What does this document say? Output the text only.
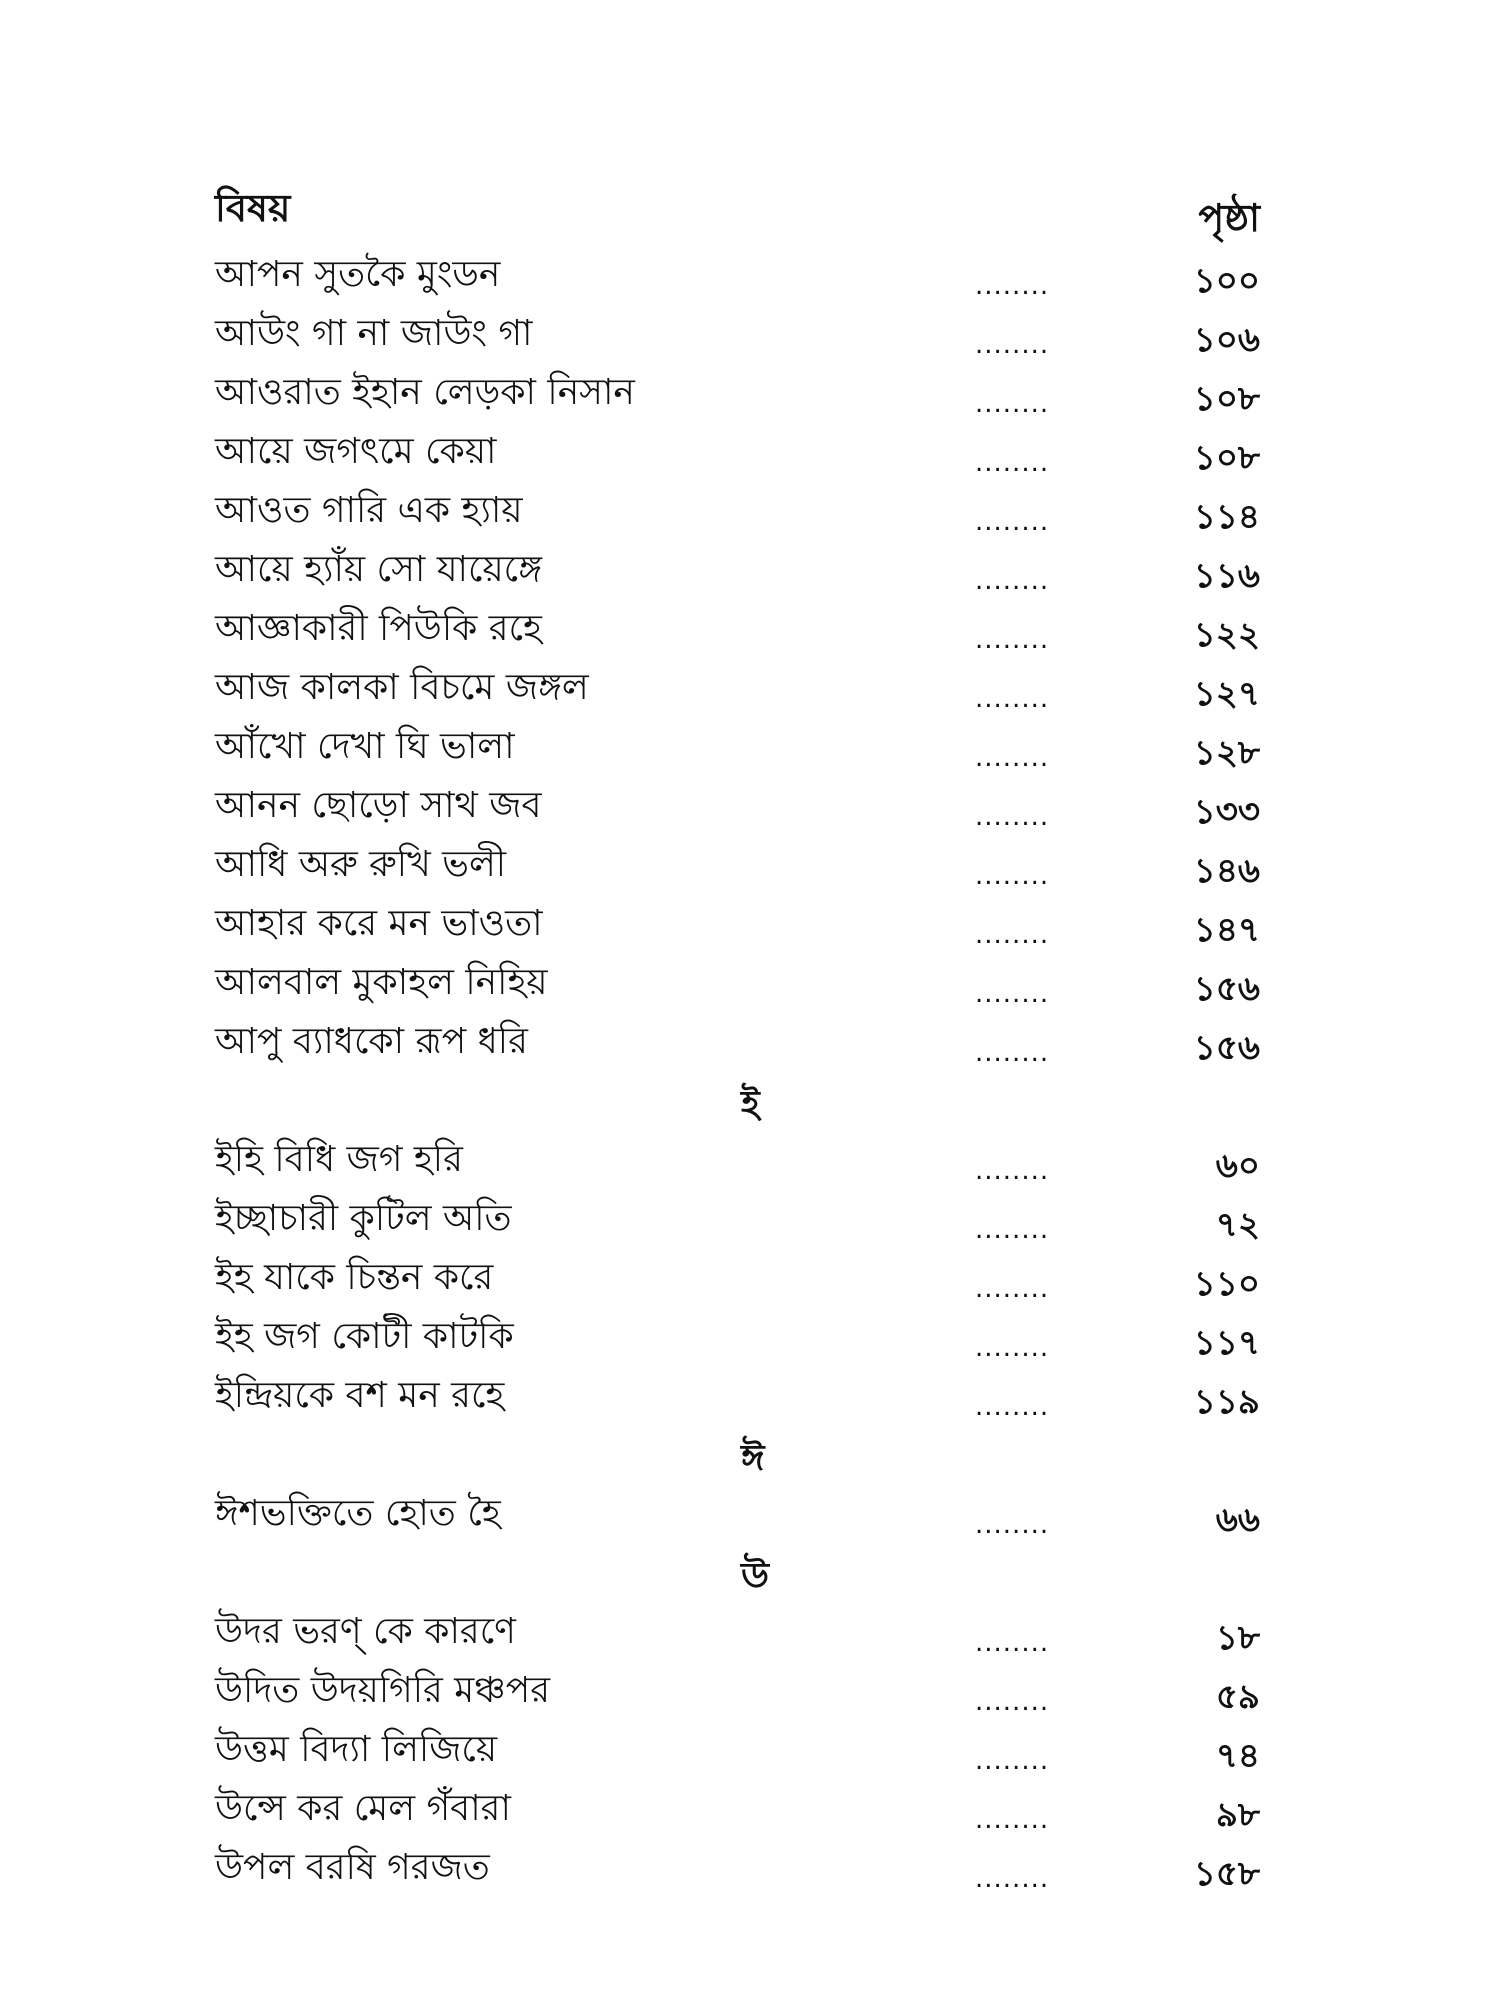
বিষয়	পৃষ্ঠা
আপন সুতকৈ মুংডন	........	১০০
আউং গা না জাউং গা	........	১০৬
আওরাত ইহান লেড়কা নিসান	........	১০৮
আয়ে জগৎমে কেয়া	........	১০৮
আওত গারি এক হ্যায়	........	১১৪
আয়ে হ্যাঁয় সো যায়েঙ্গে	........	১১৬
আজ্ঞাকারী পিউকি রহে	........	১২২
আজ কালকা বিচমে জঙ্গল	........	১২৭
আঁখো দেখা ঘি ভালা	........	১২৮
আনন ছোড়ো সাথ জব	........	১৩৩
আধি অরু রুখি ভলী	........	১৪৬
আহার করে মন ভাওতা	........	১৪৭
আলবাল মুকাহল নিহিয়	........	১৫৬
আপু ব্যাধকো রূপ ধরি	........	১৫৬
ই
ইহি বিধি জগ হরি	........	৬০
ইচ্ছাচারী কুটিল অতি	........	৭২
ইহ যাকে চিন্তন করে	........	১১০
ইহ জগ কোটী কাটকি	........	১১৭
ইন্দ্রিয়কে বশ মন রহে	........	১১৯
ঈ
ঈশভক্তিতে হোত হৈ	........	৬৬
উ
উদর ভরণ্ কে কারণে	........	১৮
উদিত উদয়গিরি মঞ্চপর	........	৫৯
উত্তম বিদ্যা লিজিয়ে	........	৭৪
উন্সে কর মেল গঁবারা	........	৯৮
উপল বরষি গরজত	........	১৫৮
